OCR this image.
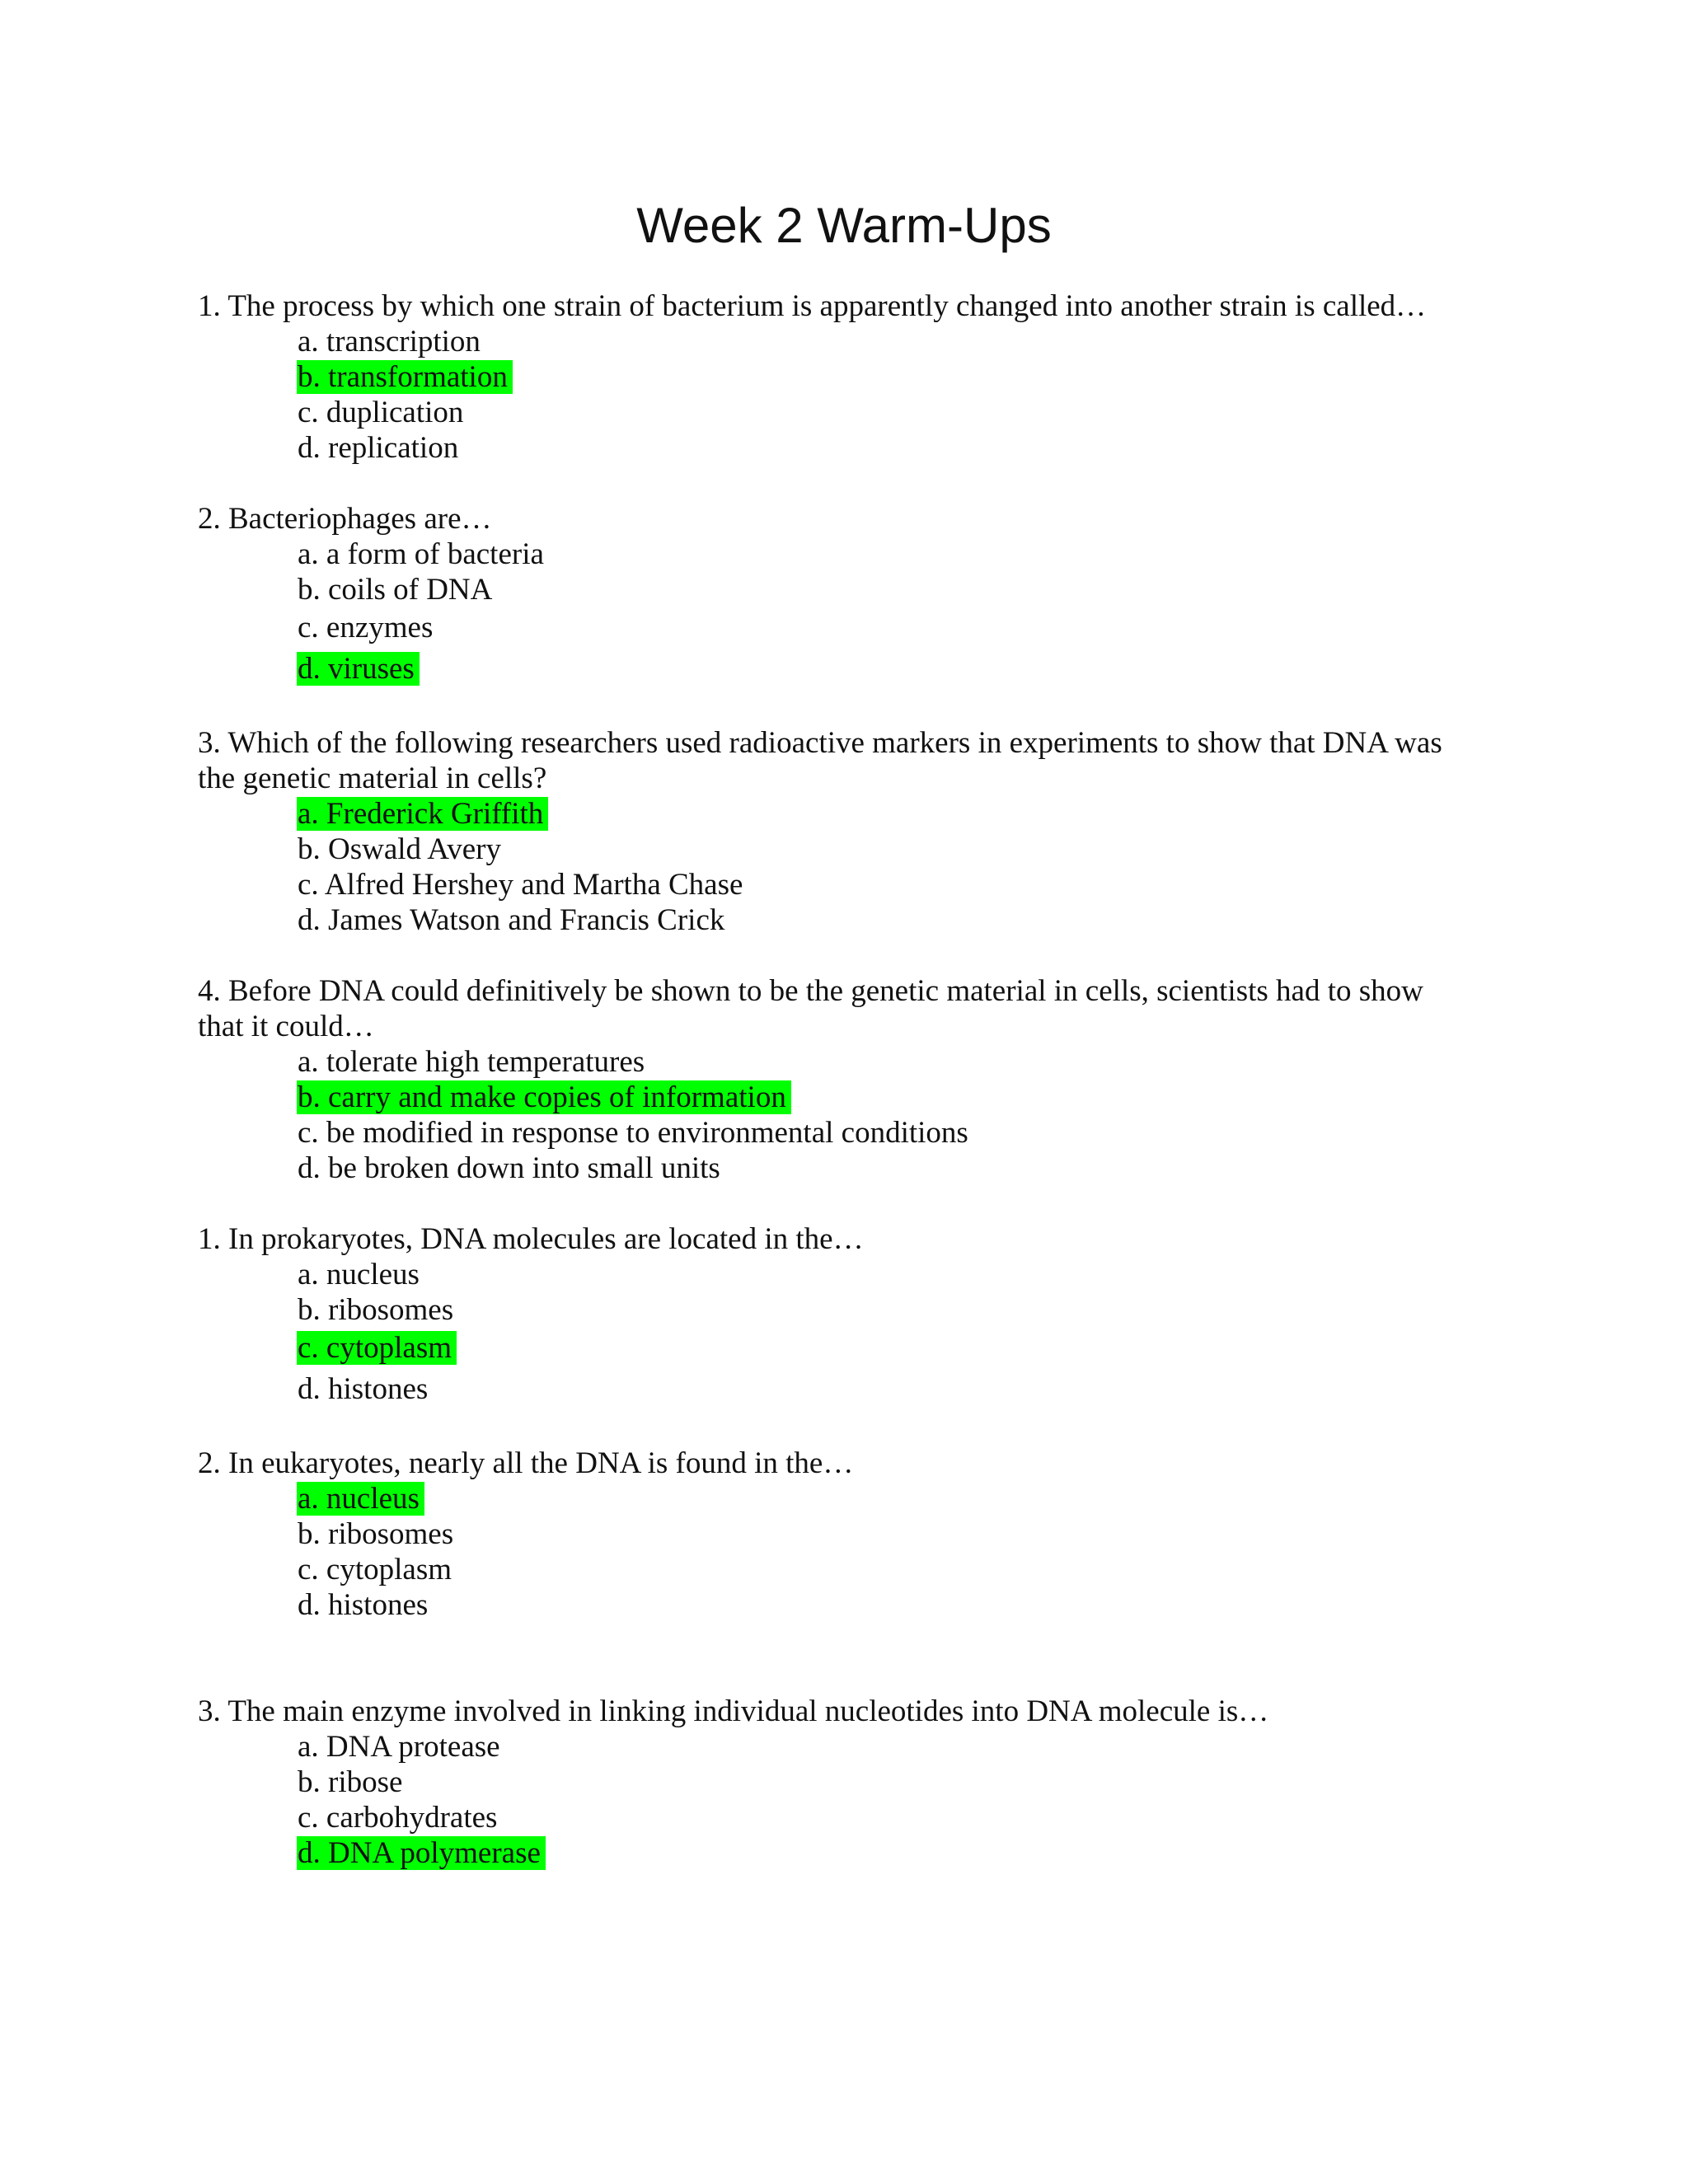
Week 2 Warm-Ups
1. The process by which one strain of bacterium is apparently changed into another strain is called…
a. transcription
b. transformation
c. duplication
d. replication
2. Bacteriophages are…
a. a form of bacteria
b. coils of DNA
c. enzymes
d. viruses
3. Which of the following researchers used radioactive markers in experiments to show that DNA was the genetic material in cells?
a. Frederick Griffith
b. Oswald Avery
c. Alfred Hershey and Martha Chase
d. James Watson and Francis Crick
4. Before DNA could definitively be shown to be the genetic material in cells, scientists had to show that it could…
a. tolerate high temperatures
b. carry and make copies of information
c. be modified in response to environmental conditions
d. be broken down into small units
1. In prokaryotes, DNA molecules are located in the…
a. nucleus
b. ribosomes
c. cytoplasm
d. histones
2. In eukaryotes, nearly all the DNA is found in the…
a. nucleus
b. ribosomes
c. cytoplasm
d. histones
3. The main enzyme involved in linking individual nucleotides into DNA molecule is…
a. DNA protease
b. ribose
c. carbohydrates
d. DNA polymerase
